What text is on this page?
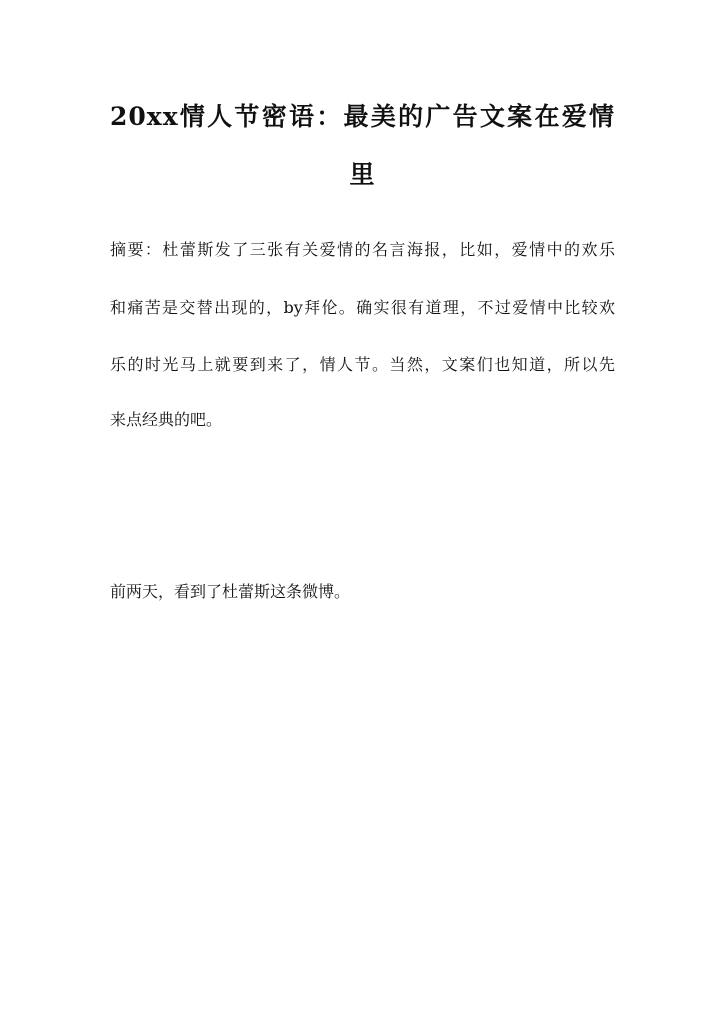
20xx情人节密语：最美的广告文案在爱情
里
摘要：杜蕾斯发了三张有关爱情的名言海报，比如，爱情中的欢乐
和痛苦是交替出现的，by拜伦。确实很有道理，不过爱情中比较欢
乐的时光马上就要到来了，情人节。当然，文案们也知道，所以先
来点经典的吧。
前两天，看到了杜蕾斯这条微博。
